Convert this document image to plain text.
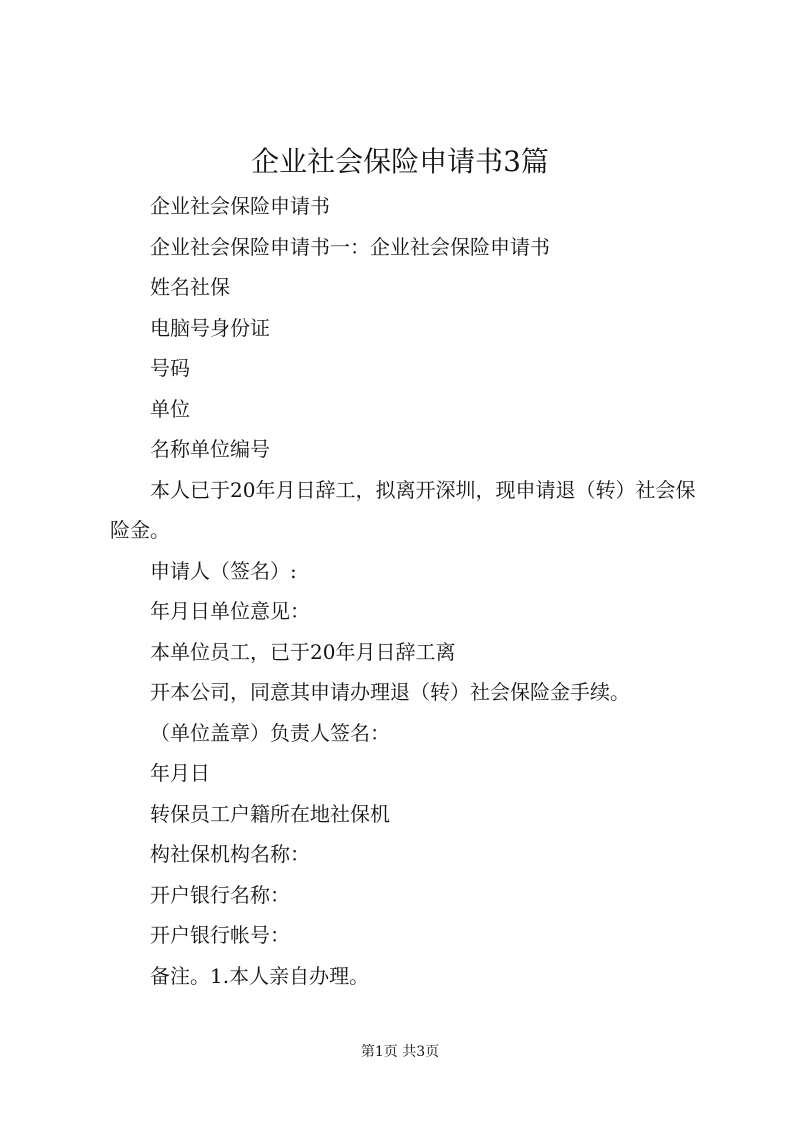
企业社会保险申请书3篇

企业社会保险申请书

企业社会保险申请书一：企业社会保险申请书

姓名社保

电脑号身份证

号码

单位

名称单位编号

本人已于20年月日辞工，拟离开深圳，现申请退（转）社会保险金。

申请人（签名）:

年月日单位意见：

本单位员工，已于20年月日辞工离

开本公司，同意其申请办理退（转）社会保险金手续。

（单位盖章）负责人签名：

年月日

转保员工户籍所在地社保机

构社保机构名称：

开户银行名称：

开户银行帐号：

备注。1.本人亲自办理。

第1页 共3页
